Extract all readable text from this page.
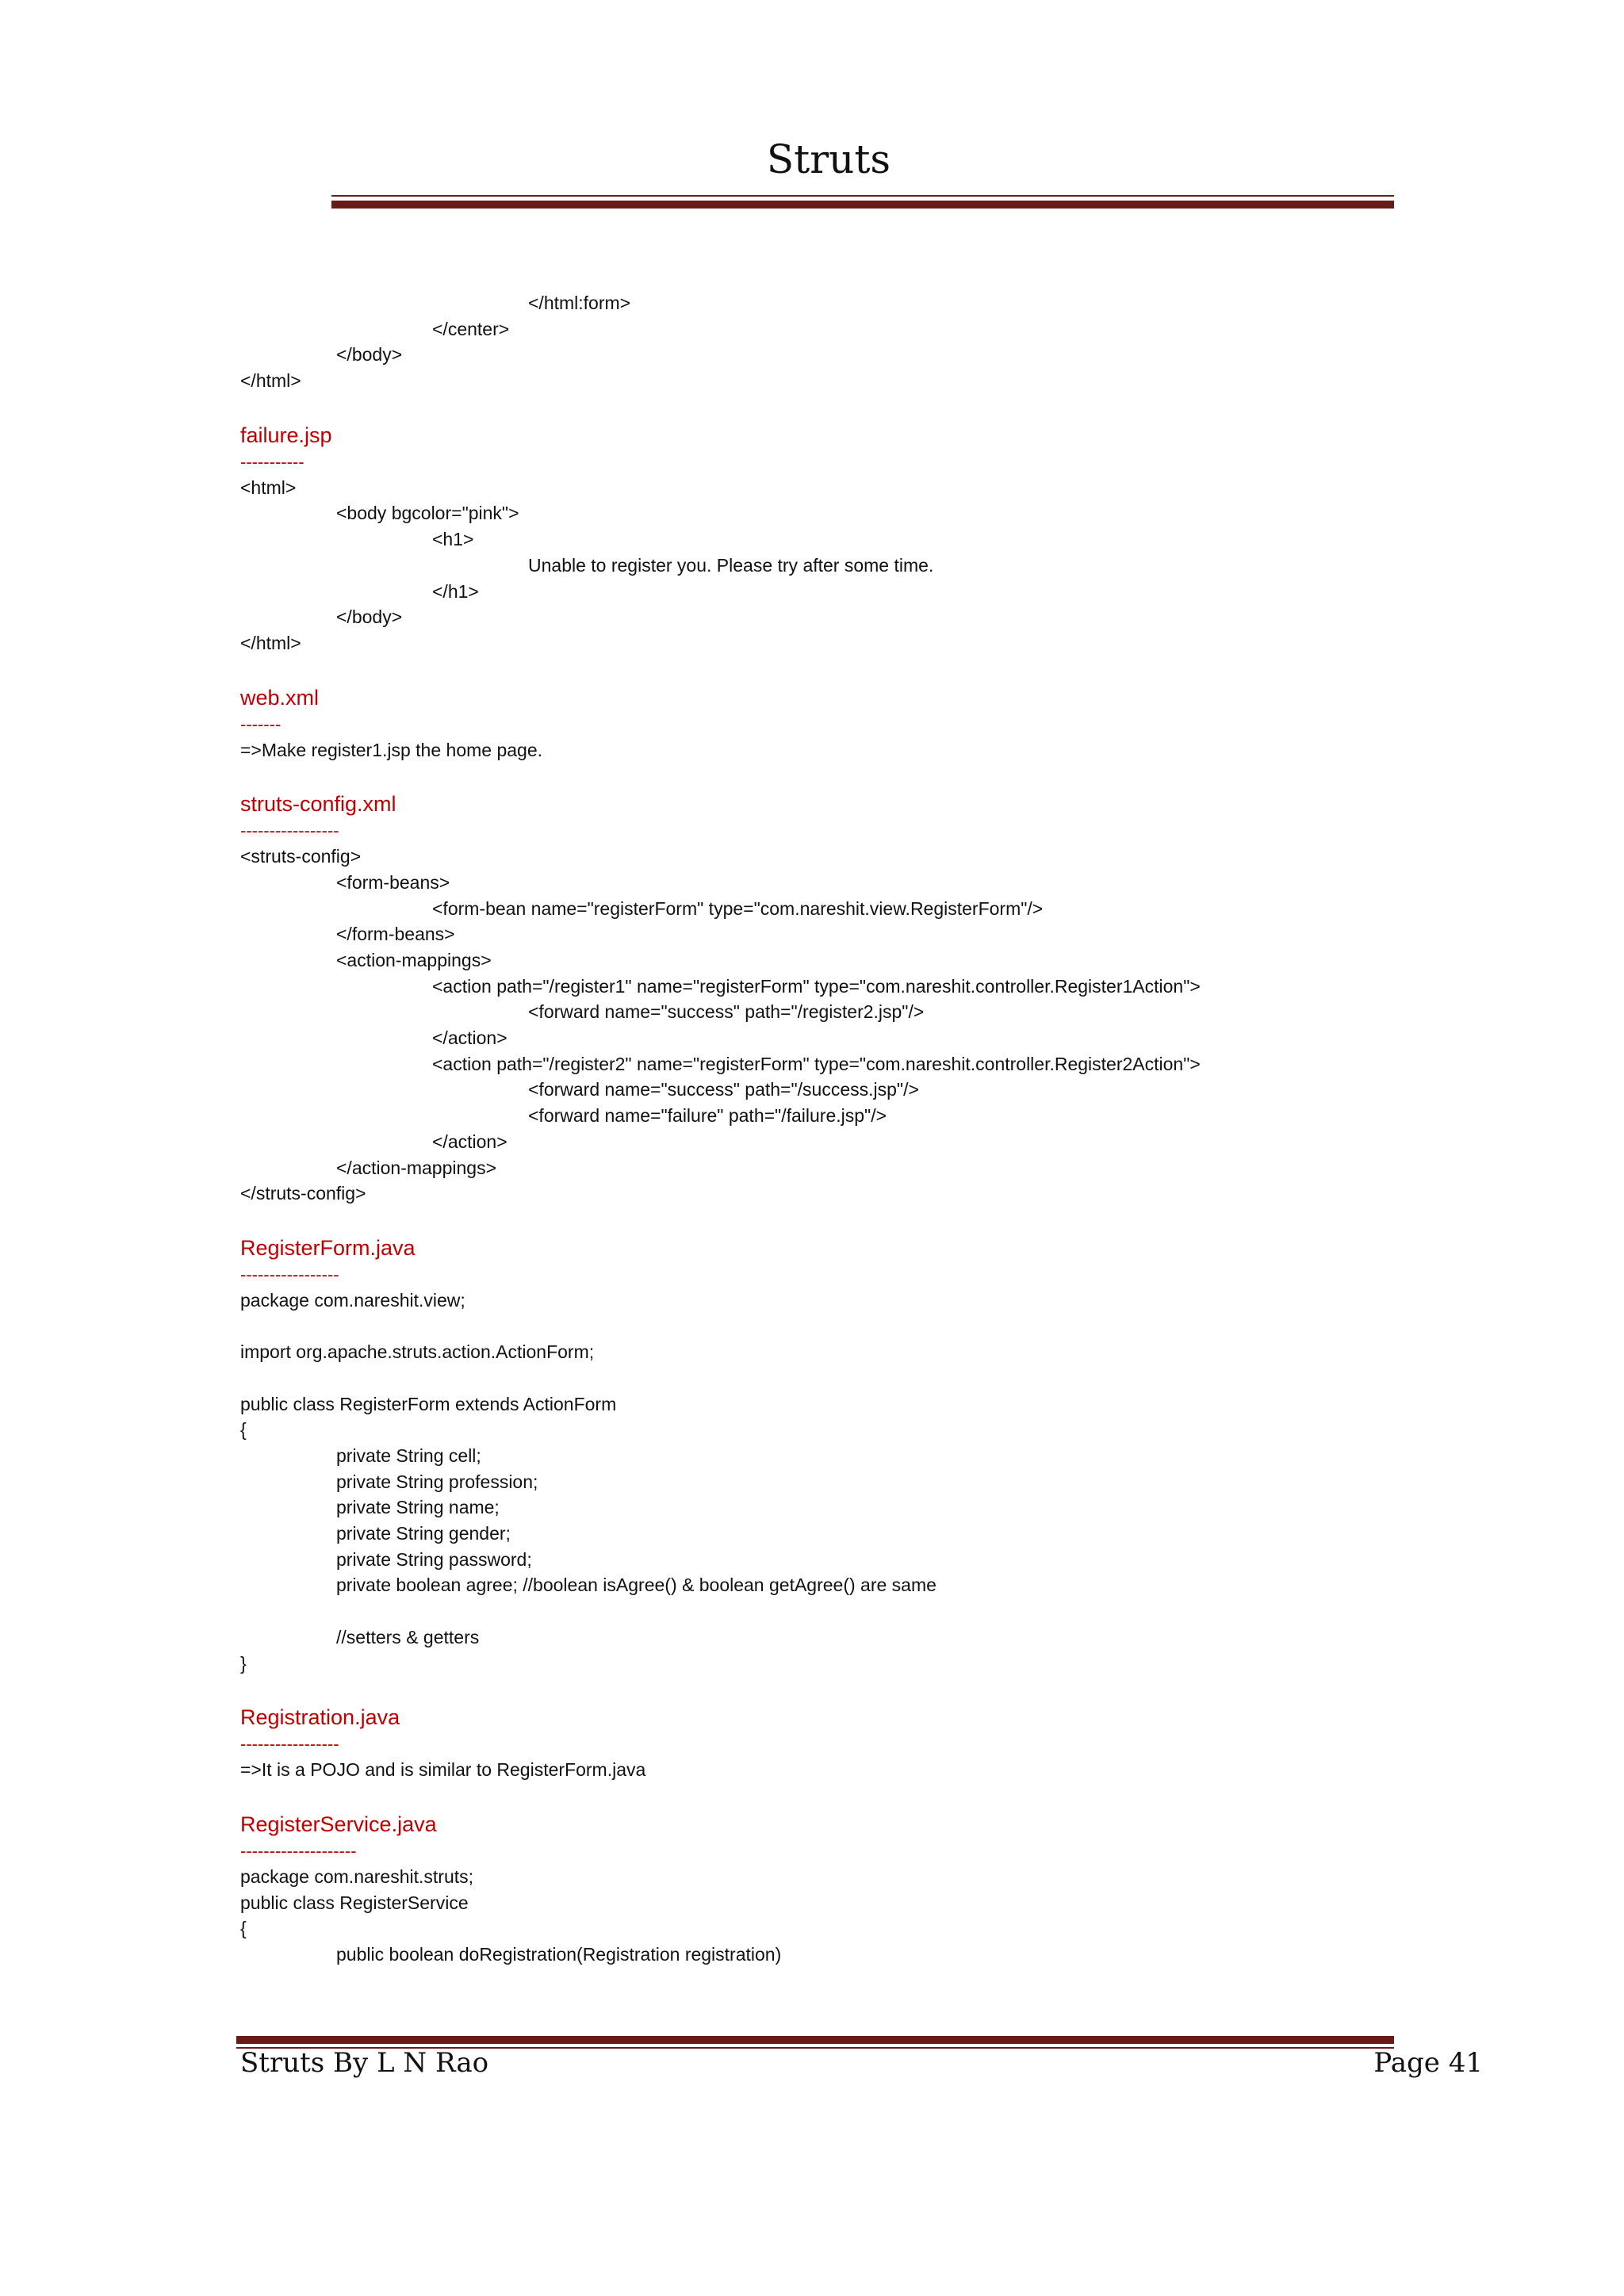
Struts
</html:form>
</center>
</body>
</html>
failure.jsp
-----------
<html>
<body bgcolor="pink">
<h1>
Unable to register you. Please try after some time.
</h1>
</body>
</html>
web.xml
-------
=>Make register1.jsp the home page.
struts-config.xml
-----------------
<struts-config>
<form-beans>
<form-bean name="registerForm" type="com.nareshit.view.RegisterForm"/>
</form-beans>
<action-mappings>
<action path="/register1" name="registerForm" type="com.nareshit.controller.Register1Action">
<forward name="success" path="/register2.jsp"/>
</action>
<action path="/register2" name="registerForm" type="com.nareshit.controller.Register2Action">
<forward name="success" path="/success.jsp"/>
<forward name="failure" path="/failure.jsp"/>
</action>
</action-mappings>
</struts-config>
RegisterForm.java
-----------------
package com.nareshit.view;
import org.apache.struts.action.ActionForm;
public class RegisterForm extends ActionForm
{
private String cell;
private String profession;
private String name;
private String gender;
private String password;
private boolean agree; //boolean isAgree() & boolean getAgree() are same
//setters & getters
}
Registration.java
-----------------
=>It is a POJO and is similar to RegisterForm.java
RegisterService.java
--------------------
package com.nareshit.struts;
public class RegisterService
{
public boolean doRegistration(Registration registration)
Struts By L N Rao	Page 41
